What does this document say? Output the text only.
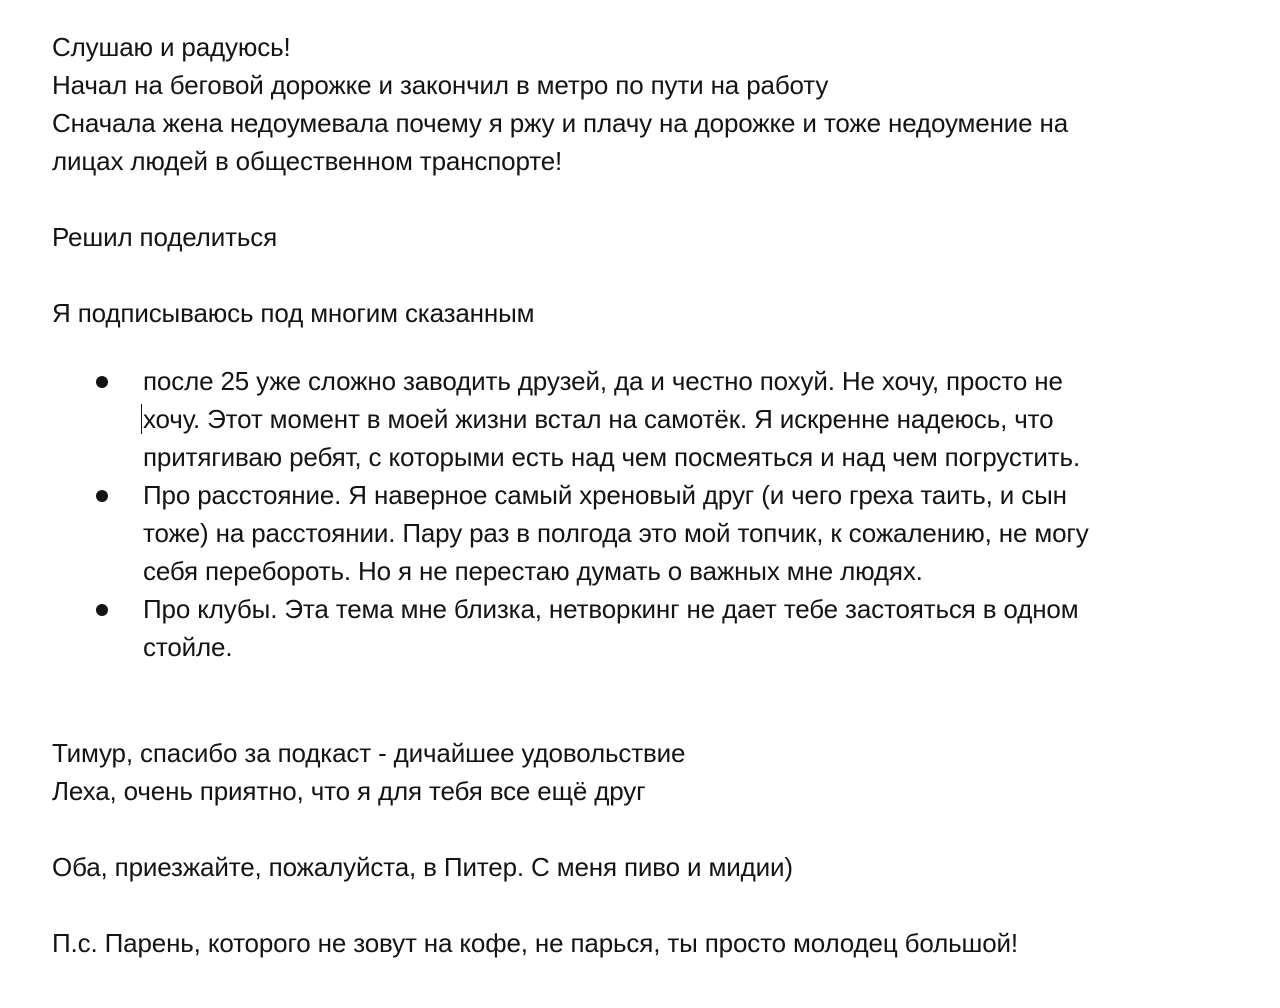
Слушаю и радуюсь!
Начал на беговой дорожке и закончил в метро по пути на работу
Сначала жена недоумевала почему я ржу и плачу на дорожке и тоже недоумение на
лицах людей в общественном транспорте!
Решил поделиться
Я подписываюсь под многим сказанным
после 25 уже сложно заводить друзей, да и честно похуй. Не хочу, просто не
хочу. Этот момент в моей жизни встал на самотёк. Я искренне надеюсь, что
притягиваю ребят, с которыми есть над чем посмеяться и над чем погрустить.
Про расстояние. Я наверное самый хреновый друг (и чего греха таить, и сын
тоже) на расстоянии. Пару раз в полгода это мой топчик, к сожалению, не могу
себя перебороть. Но я не перестаю думать о важных мне людях.
Про клубы. Эта тема мне близка, нетворкинг не дает тебе застояться в одном
стойле.
Тимур, спасибо за подкаст - дичайшее удовольствие
Леха, очень приятно, что я для тебя все ещё друг
Оба, приезжайте, пожалуйста, в Питер. С меня пиво и мидии)
П.с. Парень, которого не зовут на кофе, не парься, ты просто молодец большой!
